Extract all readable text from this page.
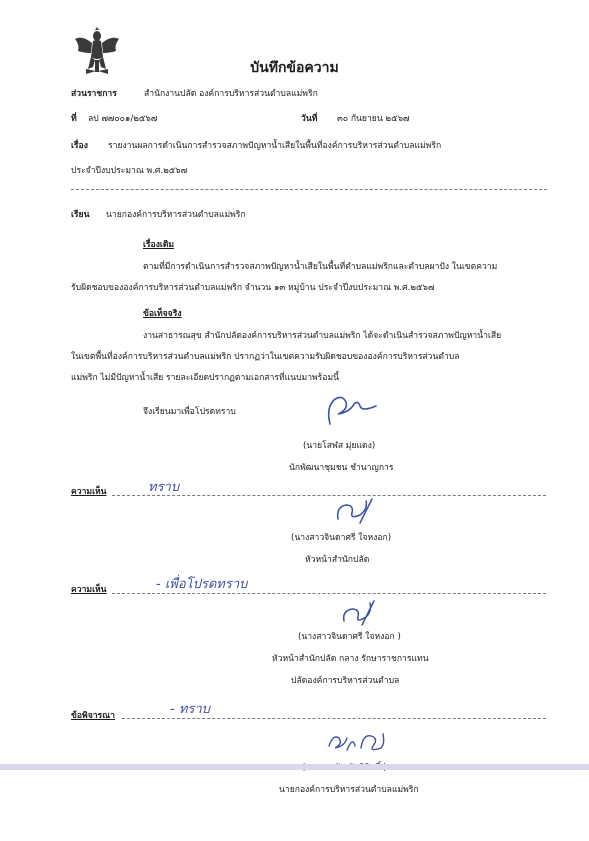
บันทึกข้อความ
ส่วนราชการ	สำนักงานปลัด องค์การบริหารส่วนตำบลแม่พริก
ที่ ลป ๗๗๐๐๑/๒๕๖๗	วันที่ ๓๐ กันยายน ๒๕๖๗
เรื่อง รายงานผลการดำเนินการสำรวจสภาพปัญหาน้ำเสียในพื้นที่องค์การบริหารส่วนตำบลแม่พริก
ประจำปีงบประมาณ พ.ศ.๒๕๖๗
เรียน นายกองค์การบริหารส่วนตำบลแม่พริก
เรื่องเดิม
ตามที่มีการดำเนินการสำรวจสภาพปัญหาน้ำเสียในพื้นที่ตำบลแม่พริกและตำบลผาปัง ในเขตความ
รับผิดชอบขององค์การบริหารส่วนตำบลแม่พริก จำนวน ๑๓ หมู่บ้าน ประจำปีงบประมาณ พ.ศ.๒๕๖๗
ข้อเท็จจริง
งานสาธารณสุข สำนักปลัดองค์การบริหารส่วนตำบลแม่พริก ได้จะดำเนินสำรวจสภาพปัญหาน้ำเสีย
ในเขตพื้นที่องค์การบริหารส่วนตำบลแม่พริก ปรากฏว่าในเขตความรับผิดชอบขององค์การบริหารส่วนตำบล
แม่พริก ไม่มีปัญหาน้ำเสีย รายละเอียดปรากฏตามเอกสารที่แนบมาพร้อมนี้
จึงเรียนมาเพื่อโปรดทราบ
(นายโสฬส มุ่ยแดง)
นักพัฒนาชุมชน ชำนาญการ
ความเห็น	ทราบ
(นางสาวจินดาศรี ใจหงอก)
หัวหน้าสำนักปลัด
ความเห็น	- เพื่อโปรดทราบ
(นางสาวจินดาศรี ใจหงอก )
หัวหน้าสำนักปลัด กลาง รักษาราชการแทน
ปลัดองค์การบริหารส่วนตำบล
ข้อพิจารณา	- ทราบ
นายกองค์การบริหารส่วนตำบลแม่พริก
